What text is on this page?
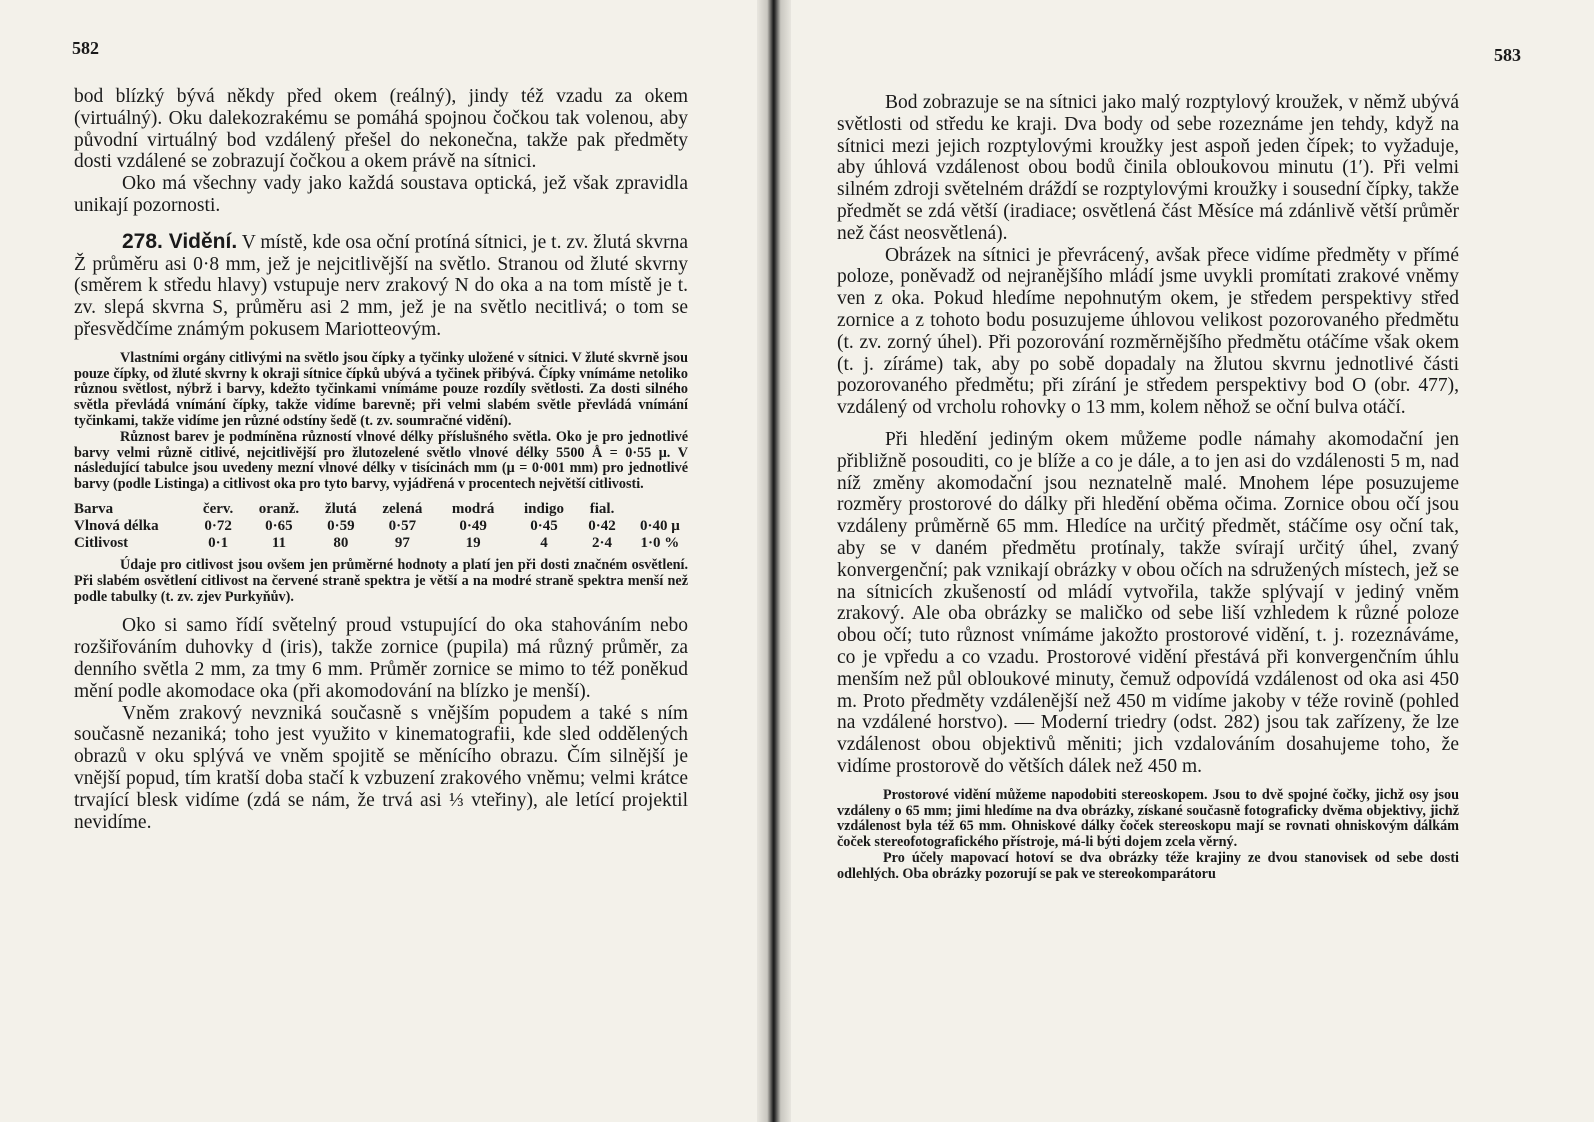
582

bod blízký bývá někdy před okem (reálný), jindy též vzadu za okem (virtuálný). Oku dalekozrakému se pomáhá spojnou čočkou tak volenou, aby původní virtuálný bod vzdálený přešel do nekonečna, takže pak předměty dosti vzdálené se zobrazují čočkou a okem právě na sítnici.

Oko má všechny vady jako každá soustava optická, jež však zpravidla unikají pozornosti.

278. Vidění. V místě, kde osa oční protíná sítnici, je t. zv. žlutá skvrna Ž průměru asi 0·8 mm, jež je nejcitlivější na světlo. Stranou od žluté skvrny (směrem k středu hlavy) vstupuje nerv zrakový N do oka a na tom místě je t. zv. slepá skvrna S, průměru asi 2 mm, jež je na světlo necitlivá; o tom se přesvědčíme známým pokusem Mariotteovým.

Vlastními orgány citlivými na světlo jsou čípky a tyčinky uložené v sítnici. V žluté skvrně jsou pouze čípky, od žluté skvrny k okraji sítnice čípků ubývá a tyčinek přibývá. Čípky vnímáme netoliko různou světlost, nýbrž i barvy, kdežto tyčinkami vnímáme pouze rozdíly světlosti. Za dosti silného světla převládá vnímání čípky, takže vidíme barevně; při velmi slabém světle převládá vnímání tyčinkami, takže vidíme jen různé odstíny šedě (t. zv. soumračné vidění).

Různost barev je podmíněna růzností vlnové délky příslušného světla. Oko je pro jednotlivé barvy velmi různě citlivé, nejcitlivější pro žlutozelené světlo vlnové délky 5500 Å = 0·55 μ. V následující tabulce jsou uvedeny mezní vlnové délky v tisícinách mm (μ = 0·001 mm) pro jednotlivé barvy (podle Listinga) a citlivost oka pro tyto barvy, vyjádřená v procentech největší citlivosti.

Barva	červ.	oranž.	žlutá	zelená	modrá	indigo	fial.	
Vlnová délka	0·72	0·65	0·59	0·57	0·49	0·45	0·42	0·40 μ
Citlivost	0·1	11	80	97	19	4	2·4	1·0 %

Údaje pro citlivost jsou ovšem jen průměrné hodnoty a platí jen při dosti značném osvětlení. Při slabém osvětlení citlivost na červené straně spektra je větší a na modré straně spektra menší než podle tabulky (t. zv. zjev Purkyňův).

Oko si samo řídí světelný proud vstupující do oka stahováním nebo rozšiřováním duhovky d (iris), takže zornice (pupila) má různý průměr, za denního světla 2 mm, za tmy 6 mm. Průměr zornice se mimo to též poněkud mění podle akomodace oka (při akomodování na blízko je menší).

Vněm zrakový nevzniká současně s vnějším popudem a také s ním současně nezaniká; toho jest využito v kinematografii, kde sled oddělených obrazů v oku splývá ve vněm spojitě se měnícího obrazu. Čím silnější je vnější popud, tím kratší doba stačí k vzbuzení zrakového vněmu; velmi krátce trvající blesk vidíme (zdá se nám, že trvá asi ⅓ vteřiny), ale letící projektil nevidíme.

583

Bod zobrazuje se na sítnici jako malý rozptylový kroužek, v němž ubývá světlosti od středu ke kraji. Dva body od sebe rozeznáme jen tehdy, když na sítnici mezi jejich rozptylovými kroužky jest aspoň jeden čípek; to vyžaduje, aby úhlová vzdálenost obou bodů činila obloukovou minutu (1′). Při velmi silném zdroji světelném dráždí se rozptylovými kroužky i sousední čípky, takže předmět se zdá větší (iradiace; osvětlená část Měsíce má zdánlivě větší průměr než část neosvětlená).

Obrázek na sítnici je převrácený, avšak přece vidíme předměty v přímé poloze, poněvadž od nejranějšího mládí jsme uvykli promítati zrakové vněmy ven z oka. Pokud hledíme nepohnutým okem, je středem perspektivy střed zornice a z tohoto bodu posuzujeme úhlovou velikost pozorovaného předmětu (t. zv. zorný úhel). Při pozorování rozměrnějšího předmětu otáčíme však okem (t. j. zíráme) tak, aby po sobě dopadaly na žlutou skvrnu jednotlivé části pozorovaného předmětu; při zírání je středem perspektivy bod O (obr. 477), vzdálený od vrcholu rohovky o 13 mm, kolem něhož se oční bulva otáčí.

Při hledění jediným okem můžeme podle námahy akomodační jen přibližně posouditi, co je blíže a co je dále, a to jen asi do vzdálenosti 5 m, nad níž změny akomodační jsou neznatelně malé. Mnohem lépe posuzujeme rozměry prostorové do dálky při hledění oběma očima. Zornice obou očí jsou vzdáleny průměrně 65 mm. Hledíce na určitý předmět, stáčíme osy oční tak, aby se v daném předmětu protínaly, takže svírají určitý úhel, zvaný konvergenční; pak vznikají obrázky v obou očích na sdružených místech, jež se na sítnicích zkušeností od mládí vytvořila, takže splývají v jediný vněm zrakový. Ale oba obrázky se maličko od sebe liší vzhledem k různé poloze obou očí; tuto různost vnímáme jakožto prostorové vidění, t. j. rozeznáváme, co je vpředu a co vzadu. Prostorové vidění přestává při konvergenčním úhlu menším než půl obloukové minuty, čemuž odpovídá vzdálenost od oka asi 450 m. Proto předměty vzdálenější než 450 m vidíme jakoby v téže rovině (pohled na vzdálené horstvo). — Moderní triedry (odst. 282) jsou tak zařízeny, že lze vzdálenost obou objektivů měniti; jich vzdalováním dosahujeme toho, že vidíme prostorově do větších dálek než 450 m.

Prostorové vidění můžeme napodobiti stereoskopem. Jsou to dvě spojné čočky, jichž osy jsou vzdáleny o 65 mm; jimi hledíme na dva obrázky, získané současně fotograficky dvěma objektivy, jichž vzdálenost byla též 65 mm. Ohniskové dálky čoček stereoskopu mají se rovnati ohniskovým dálkám čoček stereofotografického přístroje, má-li býti dojem zcela věrný.

Pro účely mapovací hotoví se dva obrázky téže krajiny ze dvou stanovisek od sebe dosti odlehlých. Oba obrázky pozorují se pak ve stereokomparátoru
